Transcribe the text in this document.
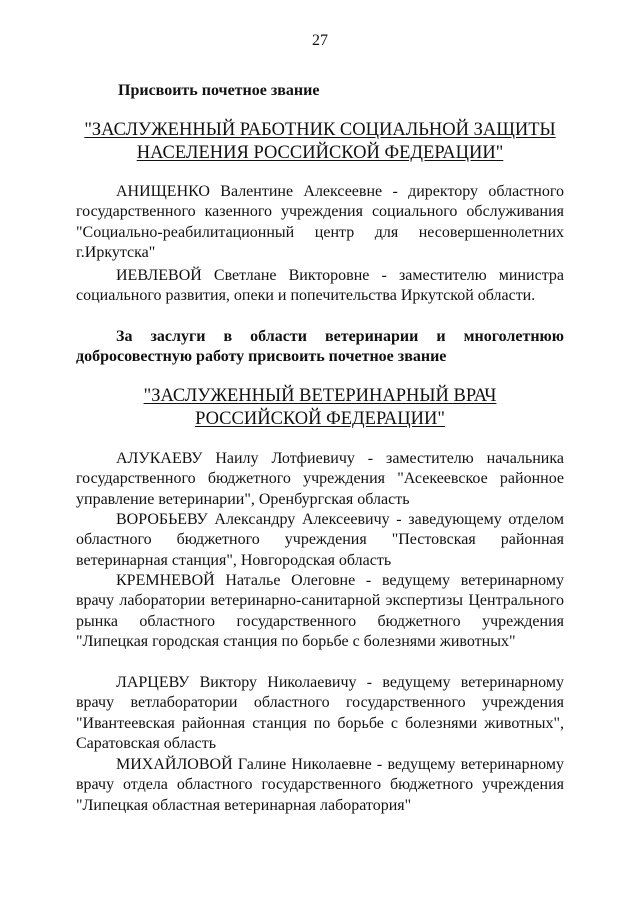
27
Присвоить почетное звание
"ЗАСЛУЖЕННЫЙ РАБОТНИК СОЦИАЛЬНОЙ ЗАЩИТЫ
НАСЕЛЕНИЯ РОССИЙСКОЙ ФЕДЕРАЦИИ"
АНИЩЕНКО Валентине Алексеевне - директору областного государственного казенного учреждения социального обслуживания "Социально-реабилитационный центр для несовершеннолетних г.Иркутска"
ИЕВЛЕВОЙ Светлане Викторовне - заместителю министра социального развития, опеки и попечительства Иркутской области.
За заслуги в области ветеринарии и многолетнюю добросовестную работу присвоить почетное звание
"ЗАСЛУЖЕННЫЙ ВЕТЕРИНАРНЫЙ ВРАЧ
РОССИЙСКОЙ ФЕДЕРАЦИИ"
АЛУКАЕВУ Наилу Лотфиевичу - заместителю начальника государственного бюджетного учреждения "Асекеевское районное управление ветеринарии", Оренбургская область
ВОРОБЬЕВУ Александру Алексеевичу - заведующему отделом областного бюджетного учреждения "Пестовская районная ветеринарная станция", Новгородская область
КРЕМНЕВОЙ Наталье Олеговне - ведущему ветеринарному врачу лаборатории ветеринарно-санитарной экспертизы Центрального рынка областного государственного бюджетного учреждения "Липецкая городская станция по борьбе с болезнями животных"
ЛАРЦЕВУ Виктору Николаевичу - ведущему ветеринарному врачу ветлаборатории областного государственного учреждения "Ивантеевская районная станция по борьбе с болезнями животных", Саратовская область
МИХАЙЛОВОЙ Галине Николаевне - ведущему ветеринарному врачу отдела областного государственного бюджетного учреждения "Липецкая областная ветеринарная лаборатория"
